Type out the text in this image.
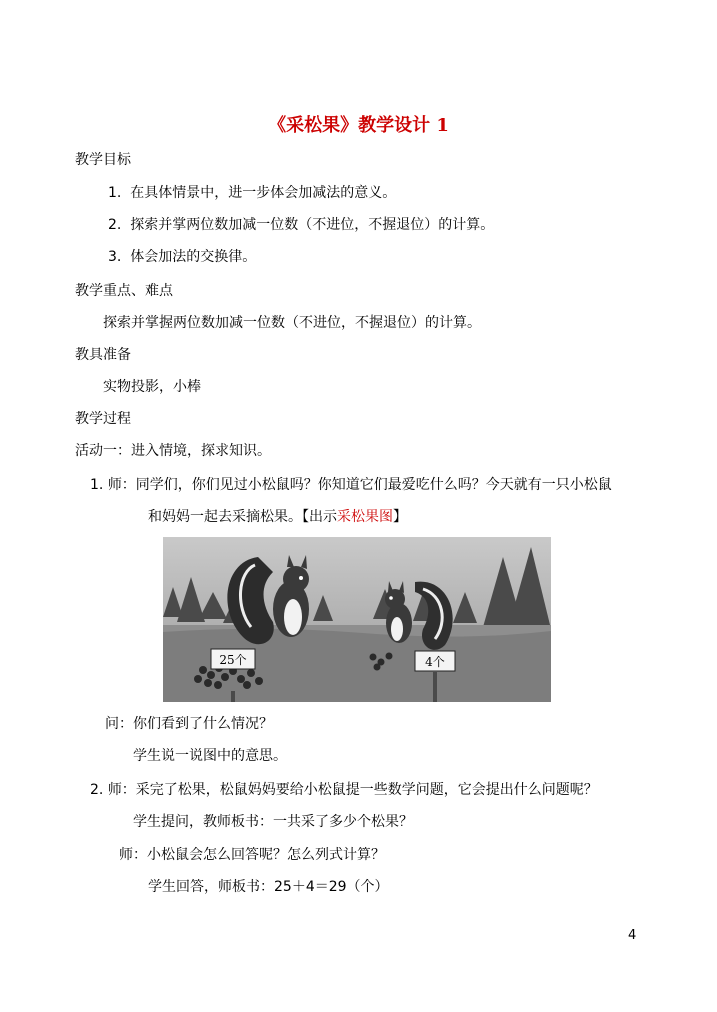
《采松果》教学设计 1
教学目标
1. 在具体情景中，进一步体会加减法的意义。
2. 探索并掌两位数加减一位数（不进位，不握退位）的计算。
3. 体会加法的交换律。
教学重点、难点
探索并掌握两位数加减一位数（不进位，不握退位）的计算。
教具准备
实物投影，小棒
教学过程
活动一：进入情境，探求知识。
1. 师：同学们，你们见过小松鼠吗？你知道它们最爱吃什么吗？今天就有一只小松鼠
和妈妈一起去采摘松果。【出示采松果图】
25个	4个
问：你们看到了什么情况？
学生说一说图中的意思。
2. 师：采完了松果，松鼠妈妈要给小松鼠提一些数学问题，它会提出什么问题呢？
学生提问，教师板书：一共采了多少个松果？
师：小松鼠会怎么回答呢？怎么列式计算？
学生回答，师板书：25＋4＝29（个）
4
